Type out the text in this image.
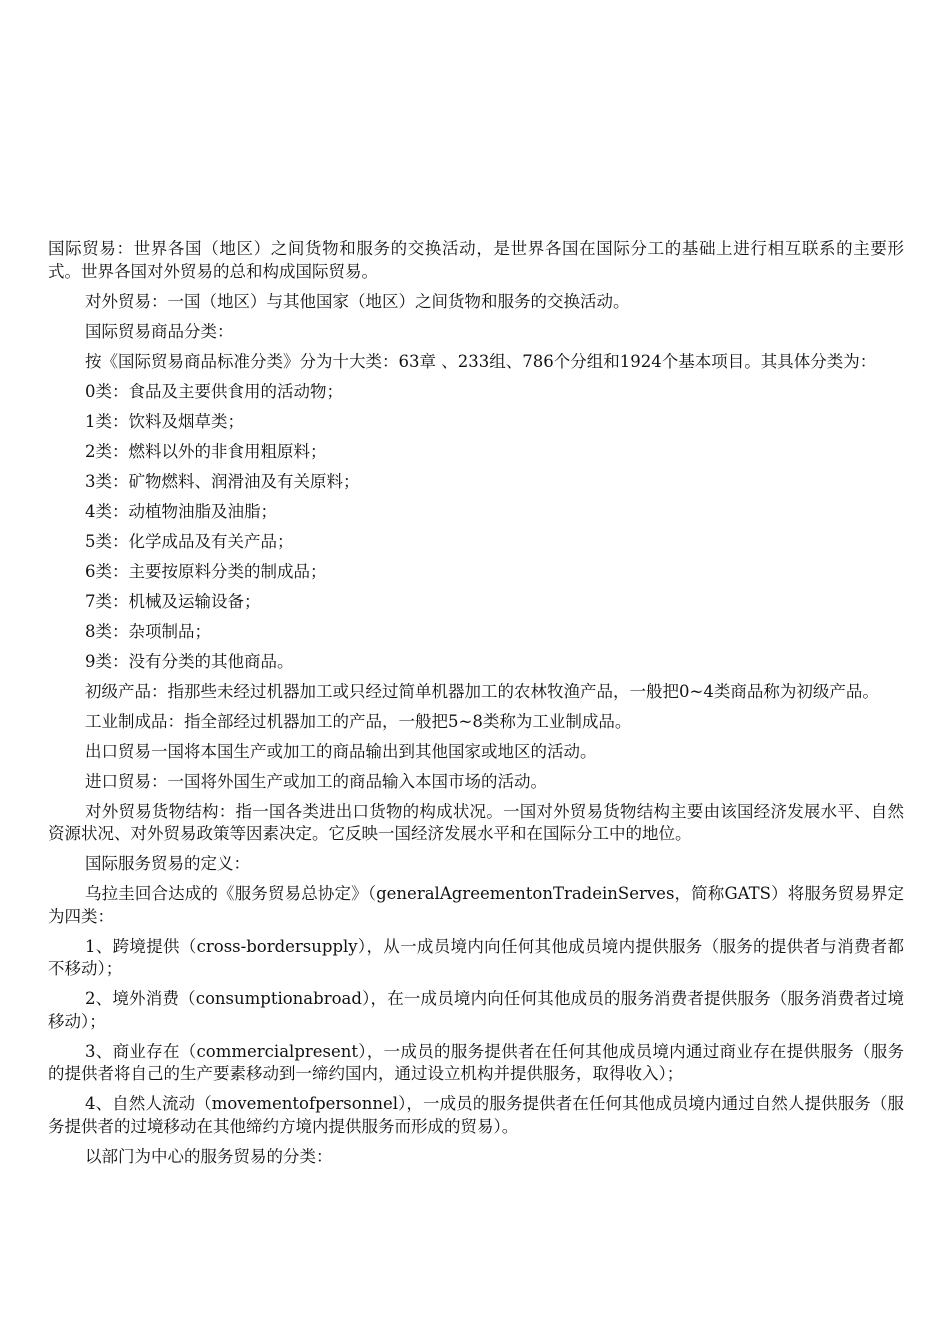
国际贸易：世界各国（地区）之间货物和服务的交换活动，是世界各国在国际分工的基础上进行相互联系的主要形式。世界各国对外贸易的总和构成国际贸易。

对外贸易：一国（地区）与其他国家（地区）之间货物和服务的交换活动。

国际贸易商品分类：

按《国际贸易商品标准分类》分为十大类：63章 、233组、786个分组和1924个基本项目。其具体分类为：

0类：食品及主要供食用的活动物；

1类：饮料及烟草类；

2类：燃料以外的非食用粗原料；

3类：矿物燃料、润滑油及有关原料；

4类：动植物油脂及油脂；

5类：化学成品及有关产品；

6类：主要按原料分类的制成品；

7类：机械及运输设备；

8类：杂项制品；

9类：没有分类的其他商品。

初级产品：指那些未经过机器加工或只经过简单机器加工的农林牧渔产品，一般把0~4类商品称为初级产品。

工业制成品：指全部经过机器加工的产品，一般把5~8类称为工业制成品。

出口贸易一国将本国生产或加工的商品输出到其他国家或地区的活动。

进口贸易：一国将外国生产或加工的商品输入本国市场的活动。

对外贸易货物结构：指一国各类进出口货物的构成状况。一国对外贸易货物结构主要由该国经济发展水平、自然资源状况、对外贸易政策等因素决定。它反映一国经济发展水平和在国际分工中的地位。

国际服务贸易的定义：

乌拉圭回合达成的《服务贸易总协定》（generalAgreementonTradeinServes，简称GATS）将服务贸易界定为四类：

1、跨境提供（cross-bordersupply），从一成员境内向任何其他成员境内提供服务（服务的提供者与消费者都不移动）；

2、境外消费（consumptionabroad），在一成员境内向任何其他成员的服务消费者提供服务（服务消费者过境移动）；

3、商业存在（commercialpresent），一成员的服务提供者在任何其他成员境内通过商业存在提供服务（服务的提供者将自己的生产要素移动到一缔约国内，通过设立机构并提供服务，取得收入）；

4、自然人流动（movementofpersonnel），一成员的服务提供者在任何其他成员境内通过自然人提供服务（服务提供者的过境移动在其他缔约方境内提供服务而形成的贸易）。

以部门为中心的服务贸易的分类：
